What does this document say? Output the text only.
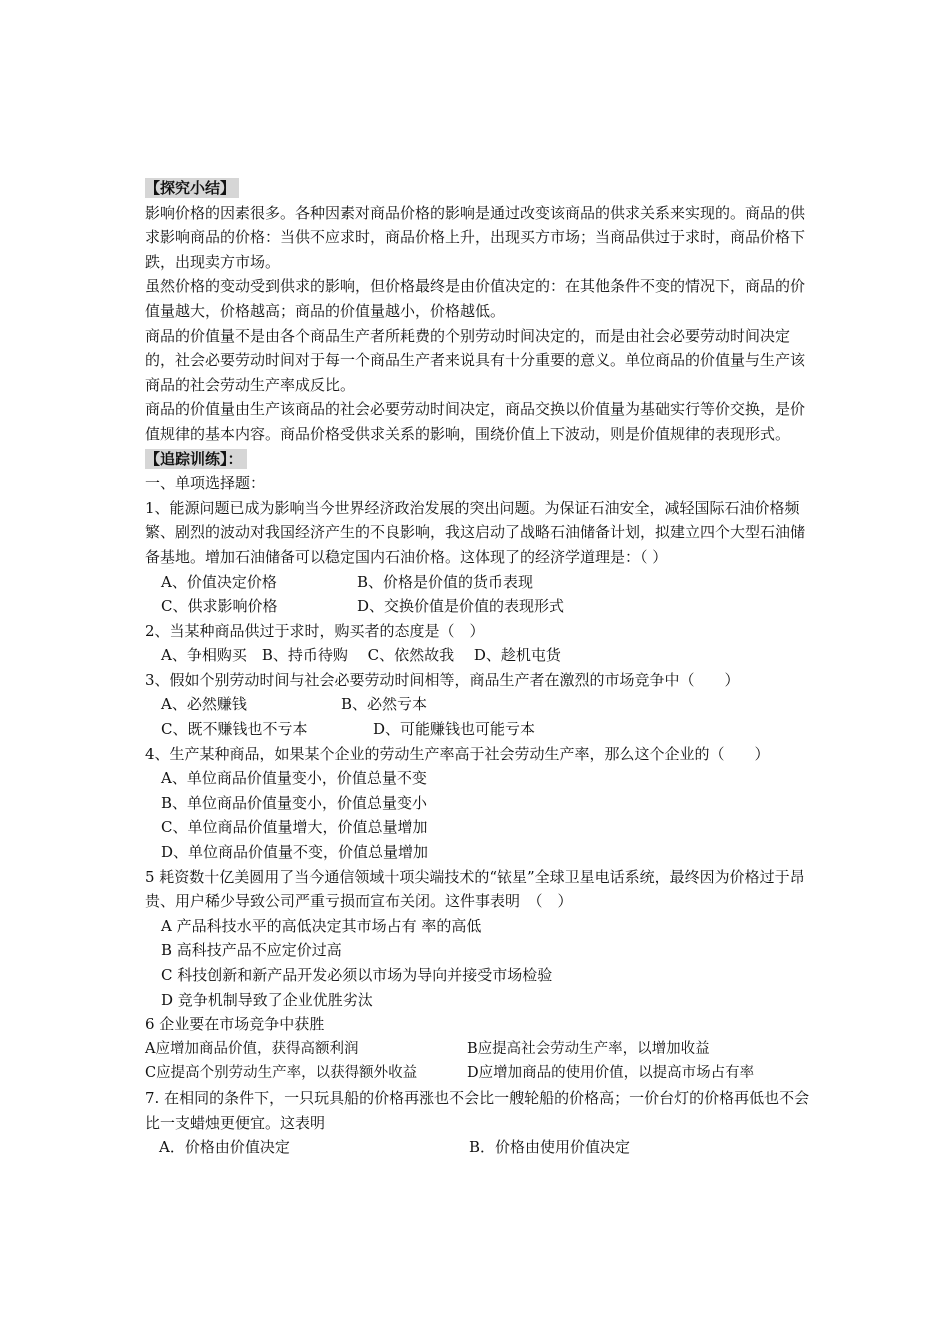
【探究小结】

影响价格的因素很多。各种因素对商品价格的影响是通过改变该商品的供求关系来实现的。商品的供求影响商品的价格：当供不应求时，商品价格上升，出现买方市场；当商品供过于求时，商品价格下跌，出现卖方市场。

虽然价格的变动受到供求的影响，但价格最终是由价值决定的：在其他条件不变的情况下，商品的价值量越大，价格越高；商品的价值量越小，价格越低。

商品的价值量不是由各个商品生产者所耗费的个别劳动时间决定的，而是由社会必要劳动时间决定的，社会必要劳动时间对于每一个商品生产者来说具有十分重要的意义。单位商品的价值量与生产该商品的社会劳动生产率成反比。

商品的价值量由生产该商品的社会必要劳动时间决定，商品交换以价值量为基础实行等价交换，是价值规律的基本内容。商品价格受供求关系的影响，围绕价值上下波动，则是价值规律的表现形式。

【追踪训练】：

一、单项选择题：

1、能源问题已成为影响当今世界经济政治发展的突出问题。为保证石油安全，减轻国际石油价格频繁、剧烈的波动对我国经济产生的不良影响，我这启动了战略石油储备计划，拟建立四个大型石油储备基地。增加石油储备可以稳定国内石油价格。这体现了的经济学道理是：（ ）

A、价值决定价格	B、价格是价值的货币表现
C、供求影响价格	D、交换价值是价值的表现形式

2、当某种商品供过于求时，购买者的态度是（　）

A、争相购买　B、持币待购　 C、依然故我　 D、趁机屯货

3、假如个别劳动时间与社会必要劳动时间相等，商品生产者在激烈的市场竞争中（　　）

A、必然赚钱	B、必然亏本
C、既不赚钱也不亏本	D、可能赚钱也可能亏本

4、生产某种商品，如果某个企业的劳动生产率高于社会劳动生产率，那么这个企业的（　　）

A、单位商品价值量变小，价值总量不变

B、单位商品价值量变小，价值总量变小

C、单位商品价值量增大，价值总量增加

D、单位商品价值量不变，价值总量增加

5 耗资数十亿美圆用了当今通信领域十项尖端技术的“铱星”全球卫星电话系统，最终因为价格过于昂贵、用户稀少导致公司严重亏损而宣布关闭。这件事表明　（　）

A 产品科技水平的高低决定其市场占有 率的高低

B 高科技产品不应定价过高

C 科技创新和新产品开发必须以市场为导向并接受市场检验

D 竞争机制导致了企业优胜劣汰

6 企业要在市场竞争中获胜

A应增加商品价值，获得高额利润	B应提高社会劳动生产率，以增加收益
C应提高个别劳动生产率，以获得额外收益	D应增加商品的使用价值，以提高市场占有率

7. 在相同的条件下，一只玩具船的价格再涨也不会比一艘轮船的价格高；一价台灯的价格再低也不会比一支蜡烛更便宜。这表明

A．价格由价值决定	B．价格由使用价值决定
